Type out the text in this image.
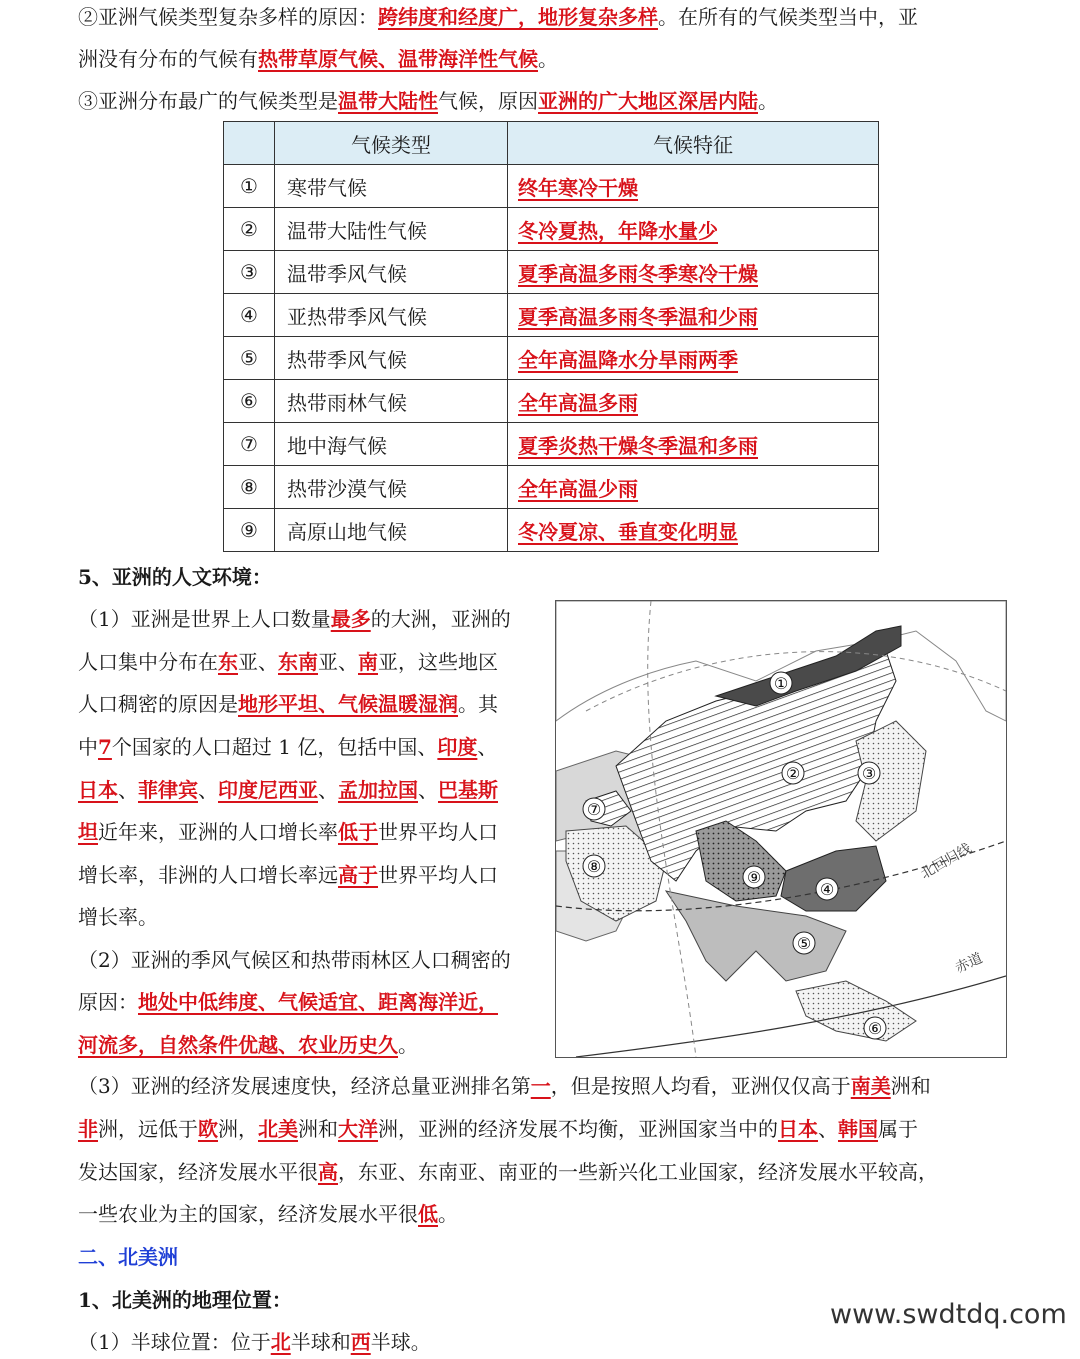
②亚洲气候类型复杂多样的原因：跨纬度和经度广，地形复杂多样。在所有的气候类型当中，亚
洲没有分布的气候有热带草原气候、温带海洋性气候。
③亚洲分布最广的气候类型是温带大陆性气候，原因亚洲的广大地区深居内陆。
	气候类型	气候特征
①	寒带气候	终年寒冷干燥
②	温带大陆性气候	冬冷夏热，年降水量少
③	温带季风气候	夏季高温多雨冬季寒冷干燥
④	亚热带季风气候	夏季高温多雨冬季温和少雨
⑤	热带季风气候	全年高温降水分旱雨两季
⑥	热带雨林气候	全年高温多雨
⑦	地中海气候	夏季炎热干燥冬季温和多雨
⑧	热带沙漠气候	全年高温少雨
⑨	高原山地气候	冬冷夏凉、垂直变化明显
5、亚洲的人文环境：
（1）亚洲是世界上人口数量最多的大洲，亚洲的
人口集中分布在东亚、东南亚、南亚，这些地区
人口稠密的原因是地形平坦、气候温暖湿润。其
中7个国家的人口超过 1 亿，包括中国、印度、
日本、菲律宾、印度尼西亚、孟加拉国、巴基斯
坦近年来，亚洲的人口增长率低于世界平均人口
增长率，非洲的人口增长率远高于世界平均人口
增长率。
（2）亚洲的季风气候区和热带雨林区人口稠密的
原因：地处中低纬度、气候适宜、距离海洋近，
河流多，自然条件优越、农业历史久。
北回归线
赤道
①
②	③
④
⑤
⑥
⑦
⑧
⑨
（3）亚洲的经济发展速度快，经济总量亚洲排名第一，但是按照人均看，亚洲仅仅高于南美洲和
非洲，远低于欧洲，北美洲和大洋洲，亚洲的经济发展不均衡，亚洲国家当中的日本、韩国属于
发达国家，经济发展水平很高，东亚、东南亚、南亚的一些新兴化工业国家，经济发展水平较高，
一些农业为主的国家，经济发展水平很低。
二、北美洲
1、北美洲的地理位置：
（1）半球位置：位于北半球和西半球。
www.swdtdq.com
